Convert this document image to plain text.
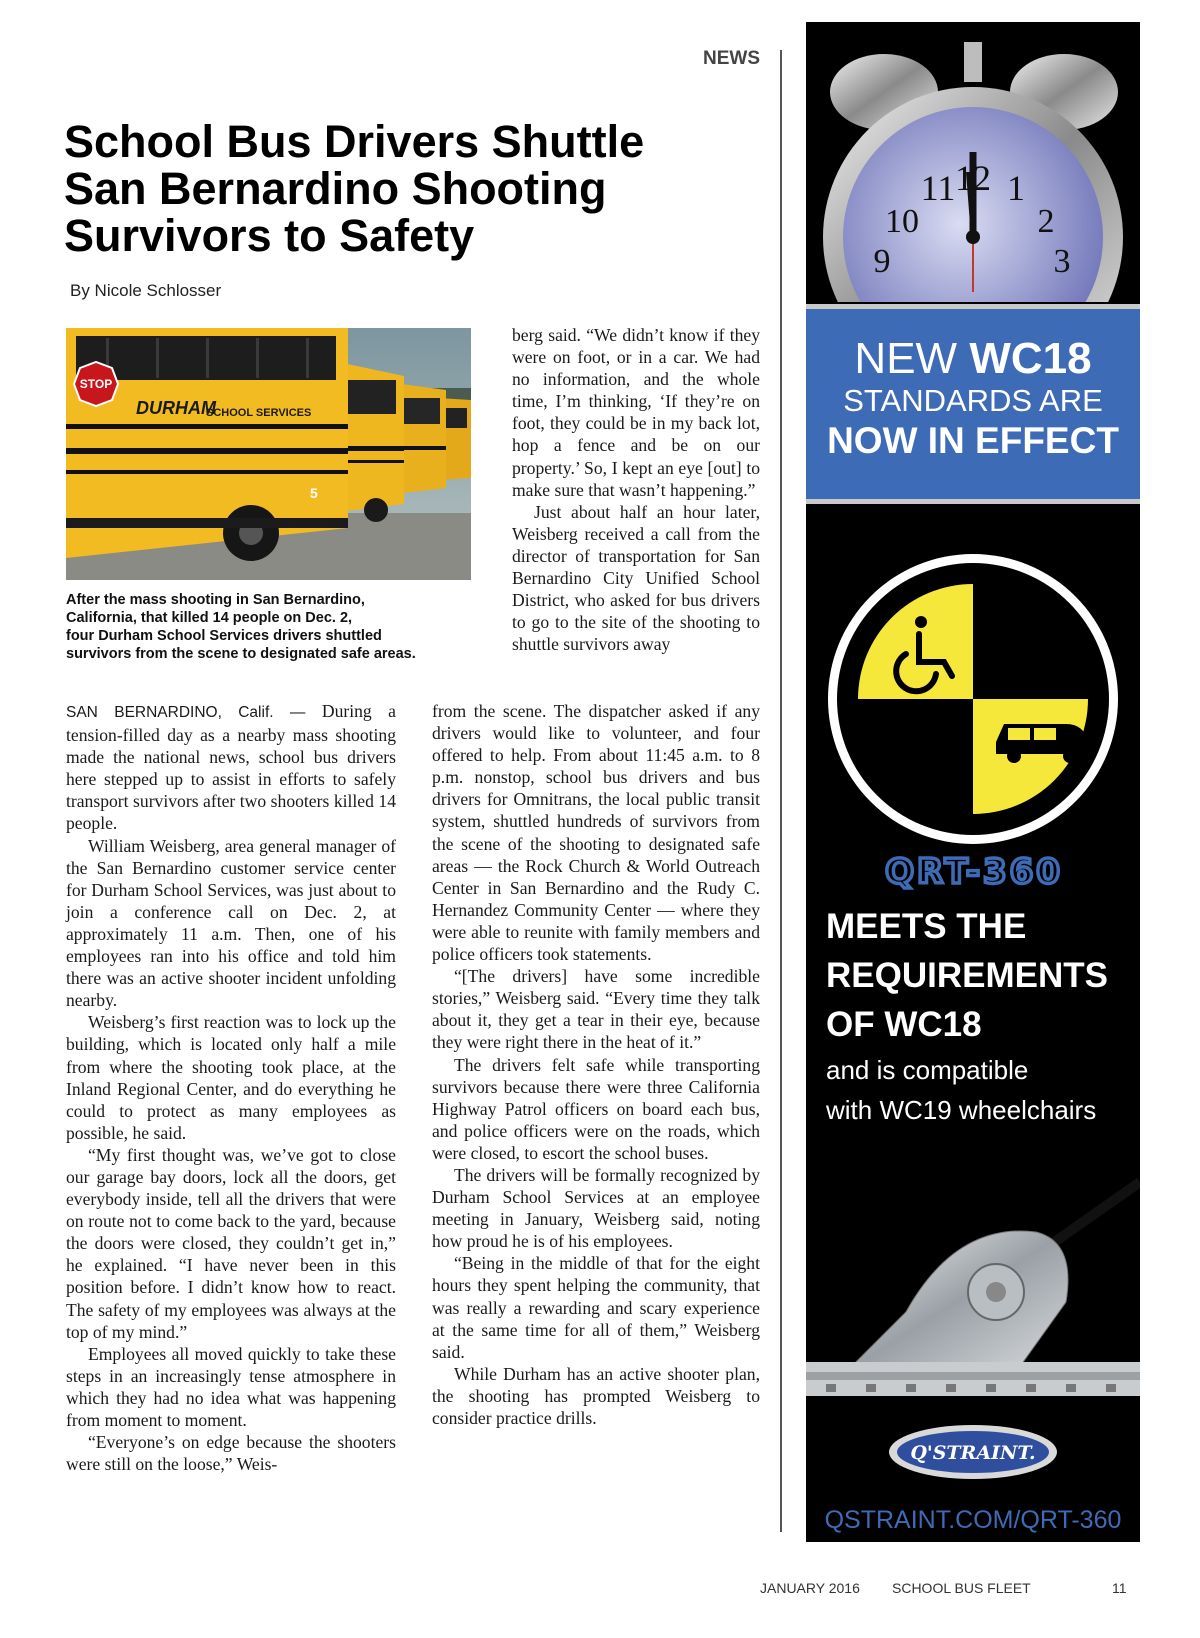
NEWS
School Bus Drivers Shuttle
San Bernardino Shooting
Survivors to Safety
By Nicole Schlosser
STOP
DURHAM
SCHOOL SERVICES
5
After the mass shooting in San Bernardino,
California, that killed 14 people on Dec. 2,
four Durham School Services drivers shuttled
survivors from the scene to designated safe areas.

SAN BERNARDINO, Calif. — During a tension-filled day as a nearby mass shooting made the national news, school bus drivers here stepped up to assist in efforts to safely transport survivors after two shooters killed 14 people.

William Weisberg, area general manager of the San Bernardino customer service center for Durham School Services, was just about to join a conference call on Dec. 2, at approximately 11 a.m. Then, one of his employees ran into his office and told him there was an active shooter incident unfolding nearby.

Weisberg’s first reaction was to lock up the building, which is located only half a mile from where the shooting took place, at the Inland Regional Center, and do everything he could to protect as many employees as possible, he said.

“My first thought was, we’ve got to close our garage bay doors, lock all the doors, get everybody inside, tell all the drivers that were on route not to come back to the yard, because the doors were closed, they couldn’t get in,” he explained. “I have never been in this position before. I didn’t know how to react. The safety of my employees was always at the top of my mind.”

Employees all moved quickly to take these steps in an increasingly tense atmosphere in which they had no idea what was happening from moment to moment.

“Everyone’s on edge because the shooters were still on the loose,” Weis-

berg said. “We didn’t know if they were on foot, or in a car. We had no information, and the whole time, I’m thinking, ‘If they’re on foot, they could be in my back lot, hop a fence and be on our property.’ So, I kept an eye [out] to make sure that wasn’t happening.”

Just about half an hour later, Weisberg received a call from the director of transportation for San Bernardino City Unified School District, who asked for bus drivers to go to the site of the shooting to shuttle survivors away

from the scene. The dispatcher asked if any drivers would like to volunteer, and four offered to help. From about 11:45 a.m. to 8 p.m. nonstop, school bus drivers and bus drivers for Omnitrans, the local public transit system, shuttled hundreds of survivors from the scene of the shooting to designated safe areas — the Rock Church & World Outreach Center in San Bernardino and the Rudy C. Hernandez Community Center — where they were able to reunite with family members and police officers took statements.

“[The drivers] have some incredible stories,” Weisberg said. “Every time they talk about it, they get a tear in their eye, because they were right there in the heat of it.”

The drivers felt safe while transporting survivors because there were three California Highway Patrol officers on board each bus, and police officers were on the roads, which were closed, to escort the school buses.

The drivers will be formally recognized by Durham School Services at an employee meeting in January, Weisberg said, noting how proud he is of his employees.

“Being in the middle of that for the eight hours they spent helping the community, that was really a rewarding and scary experience at the same time for all of them,” Weisberg said.

While Durham has an active shooter plan, the shooting has prompted Weisberg to consider practice drills.

11 12 1
10	2
9	3
NEW WC18
STANDARDS ARE
NOW IN EFFECT
QRT-360
MEETS THE
REQUIREMENTS
OF WC18
and is compatible
with WC19 wheelchairs
Q'STRAINT.
QSTRAINT.COM/QRT-360
JANUARY 2016 SCHOOL BUS FLEET	11
